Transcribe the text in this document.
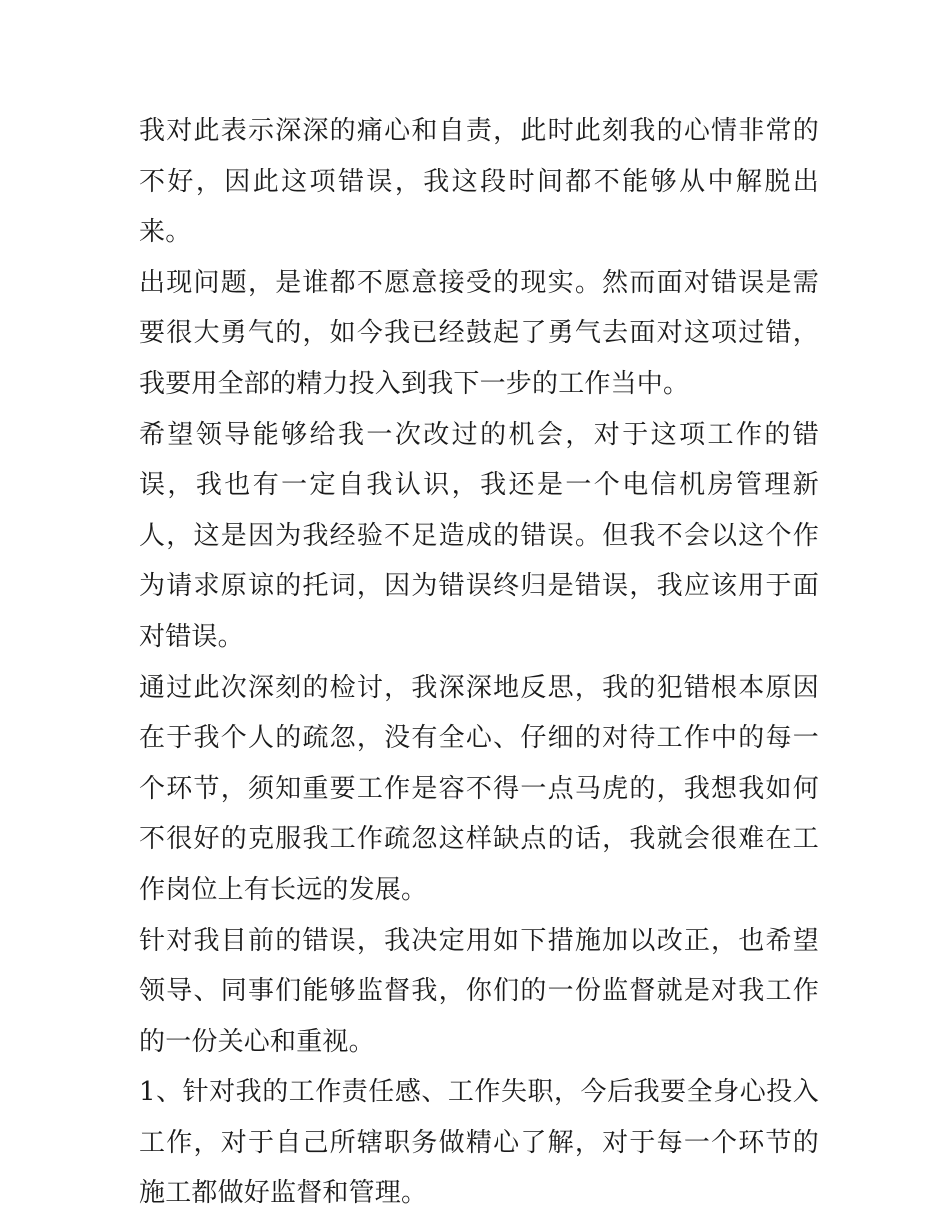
我对此表示深深的痛心和自责，此时此刻我的心情非常的不好，因此这项错误，我这段时间都不能够从中解脱出来。

出现问题，是谁都不愿意接受的现实。然而面对错误是需要很大勇气的，如今我已经鼓起了勇气去面对这项过错，我要用全部的精力投入到我下一步的工作当中。

希望领导能够给我一次改过的机会，对于这项工作的错误，我也有一定自我认识，我还是一个电信机房管理新人，这是因为我经验不足造成的错误。但我不会以这个作为请求原谅的托词，因为错误终归是错误，我应该用于面对错误。

通过此次深刻的检讨，我深深地反思，我的犯错根本原因在于我个人的疏忽，没有全心、仔细的对待工作中的每一个环节，须知重要工作是容不得一点马虎的，我想我如何不很好的克服我工作疏忽这样缺点的话，我就会很难在工作岗位上有长远的发展。

针对我目前的错误，我决定用如下措施加以改正，也希望领导、同事们能够监督我，你们的一份监督就是对我工作的一份关心和重视。

1、针对我的工作责任感、工作失职，今后我要全身心投入工作，对于自己所辖职务做精心了解，对于每一个环节的施工都做好监督和管理。
